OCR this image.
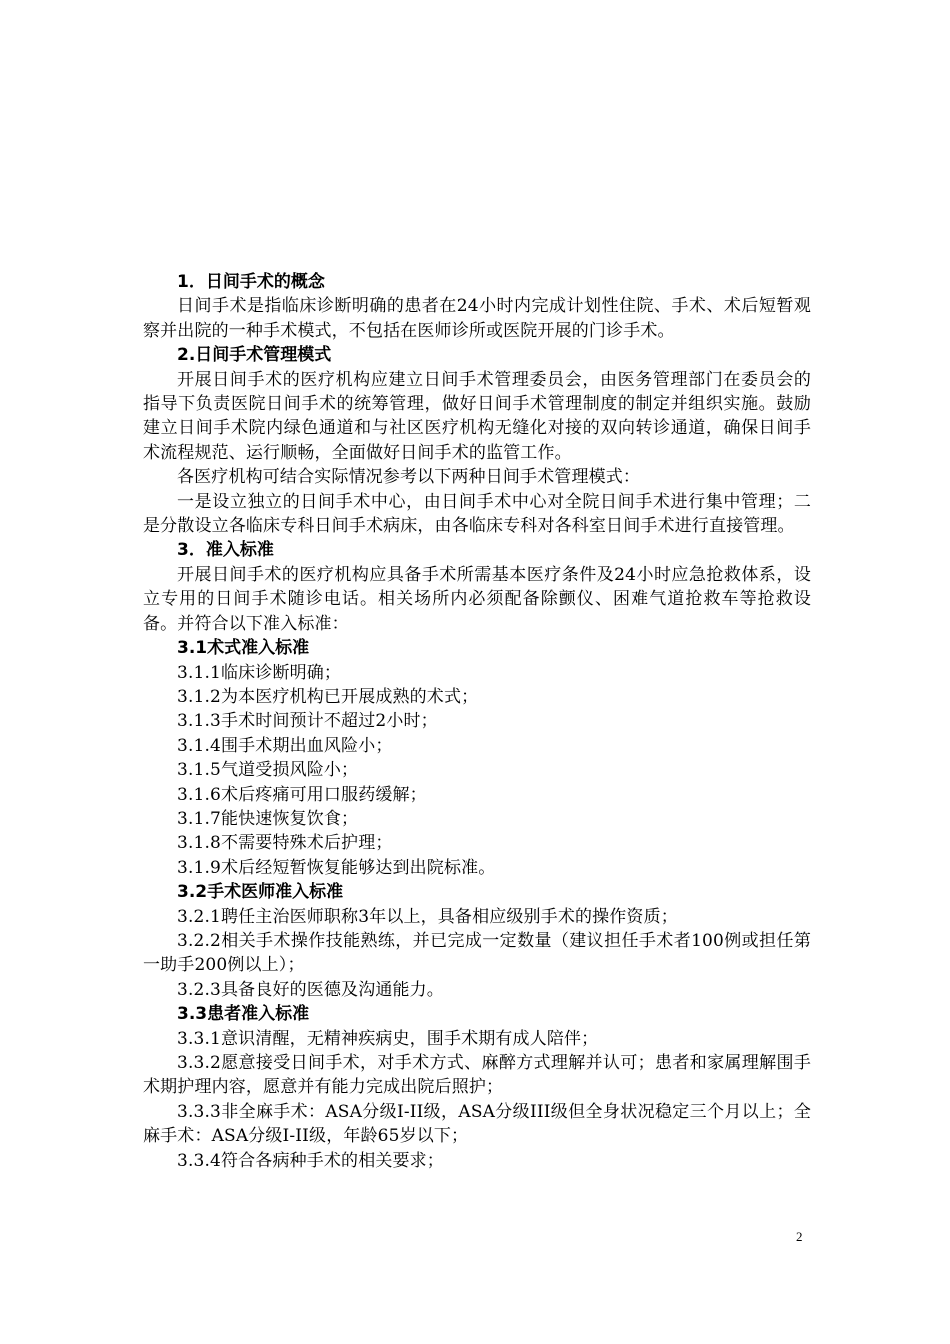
1．日间手术的概念

日间手术是指临床诊断明确的患者在24小时内完成计划性住院、手术、术后短暂观察并出院的一种手术模式，不包括在医师诊所或医院开展的门诊手术。

2.日间手术管理模式

开展日间手术的医疗机构应建立日间手术管理委员会，由医务管理部门在委员会的指导下负责医院日间手术的统筹管理，做好日间手术管理制度的制定并组织实施。鼓励建立日间手术院内绿色通道和与社区医疗机构无缝化对接的双向转诊通道，确保日间手术流程规范、运行顺畅，全面做好日间手术的监管工作。

各医疗机构可结合实际情况参考以下两种日间手术管理模式：

一是设立独立的日间手术中心，由日间手术中心对全院日间手术进行集中管理；二是分散设立各临床专科日间手术病床，由各临床专科对各科室日间手术进行直接管理。

3．准入标准

开展日间手术的医疗机构应具备手术所需基本医疗条件及24小时应急抢救体系，设立专用的日间手术随诊电话。相关场所内必须配备除颤仪、困难气道抢救车等抢救设备。并符合以下准入标准：

3.1术式准入标准

3.1.1临床诊断明确；

3.1.2为本医疗机构已开展成熟的术式；

3.1.3手术时间预计不超过2小时；

3.1.4围手术期出血风险小；

3.1.5气道受损风险小；

3.1.6术后疼痛可用口服药缓解；

3.1.7能快速恢复饮食；

3.1.8不需要特殊术后护理；

3.1.9术后经短暂恢复能够达到出院标准。

3.2手术医师准入标准

3.2.1聘任主治医师职称3年以上，具备相应级别手术的操作资质；

3.2.2相关手术操作技能熟练，并已完成一定数量（建议担任手术者100例或担任第一助手200例以上）；

3.2.3具备良好的医德及沟通能力。

3.3患者准入标准

3.3.1意识清醒，无精神疾病史，围手术期有成人陪伴；

3.3.2愿意接受日间手术，对手术方式、麻醉方式理解并认可；患者和家属理解围手术期护理内容，愿意并有能力完成出院后照护；

3.3.3非全麻手术：ASA分级I-II级，ASA分级III级但全身状况稳定三个月以上；全麻手术：ASA分级I-II级，年龄65岁以下；

3.3.4符合各病种手术的相关要求；

2
